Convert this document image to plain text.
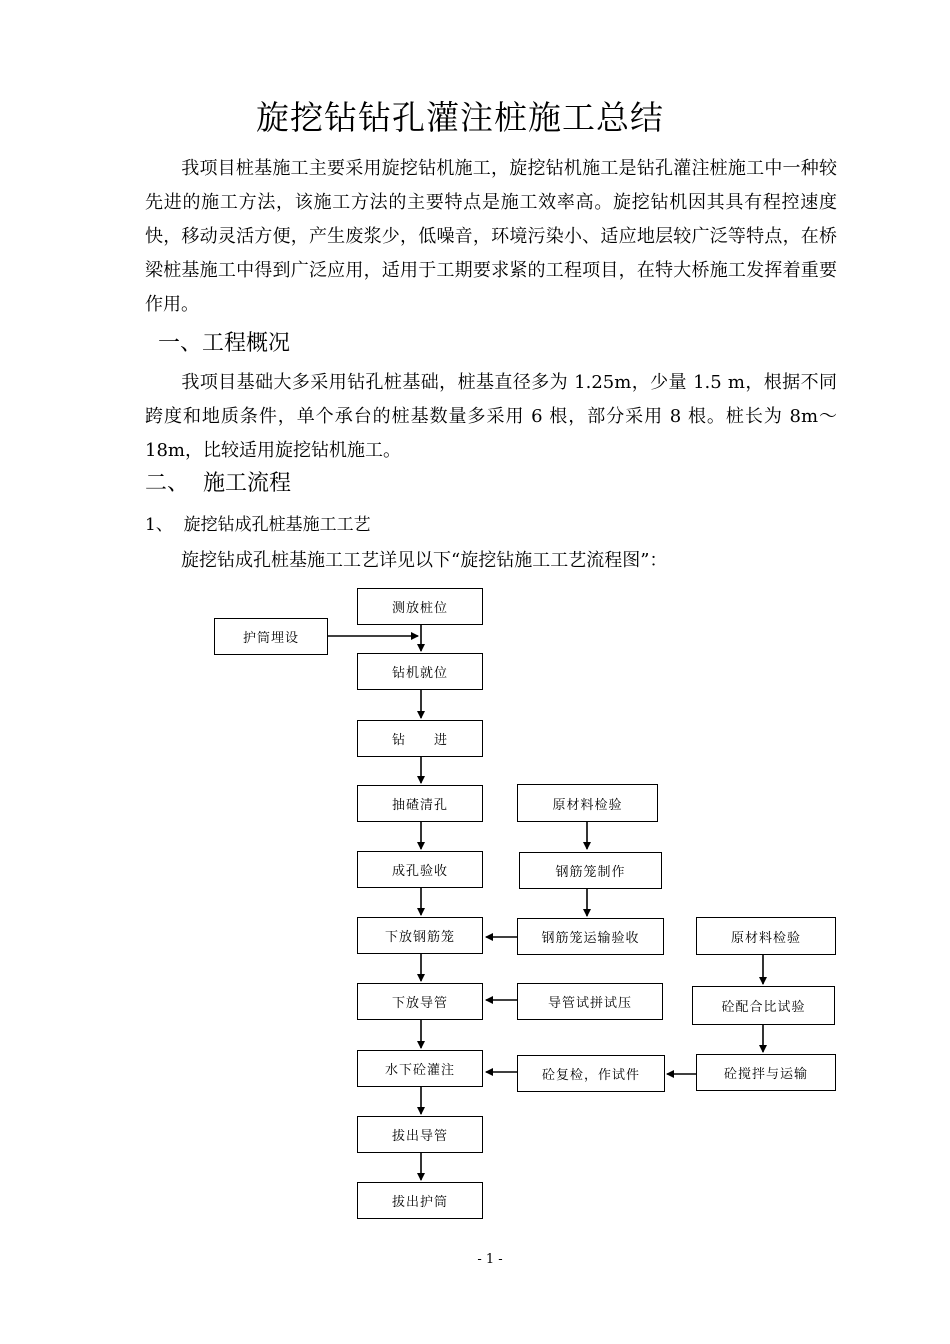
旋挖钻钻孔灌注桩施工总结

我项目桩基施工主要采用旋挖钻机施工，旋挖钻机施工是钻孔灌注桩施工中一种较先进的施工方法，该施工方法的主要特点是施工效率高。旋挖钻机因其具有程控速度快，移动灵活方便，产生废浆少，低噪音，环境污染小、适应地层较广泛等特点，在桥梁桩基施工中得到广泛应用，适用于工期要求紧的工程项目，在特大桥施工发挥着重要作用。

一、工程概况

我项目基础大多采用钻孔桩基础，桩基直径多为 1.25m，少量 1.5 m，根据不同跨度和地质条件，单个承台的桩基数量多采用 6 根，部分采用 8 根。桩长为 8m～18m，比较适用旋挖钻机施工。

二、  施工流程
1、  旋挖钻成孔桩基施工工艺

旋挖钻成孔桩基施工工艺详见以下“旋挖钻施工工艺流程图”：

测放桩位
钻机就位
钻　　进
抽碴清孔
成孔验收
下放钢筋笼
下放导管
水下砼灌注
拔出导管
拔出护筒
护筒埋设
原材料检验
钢筋笼制作
钢筋笼运输验收
导管试拼试压
原材料检验
砼配合比试验
砼搅拌与运输
砼复检，作试件
- 1 -
